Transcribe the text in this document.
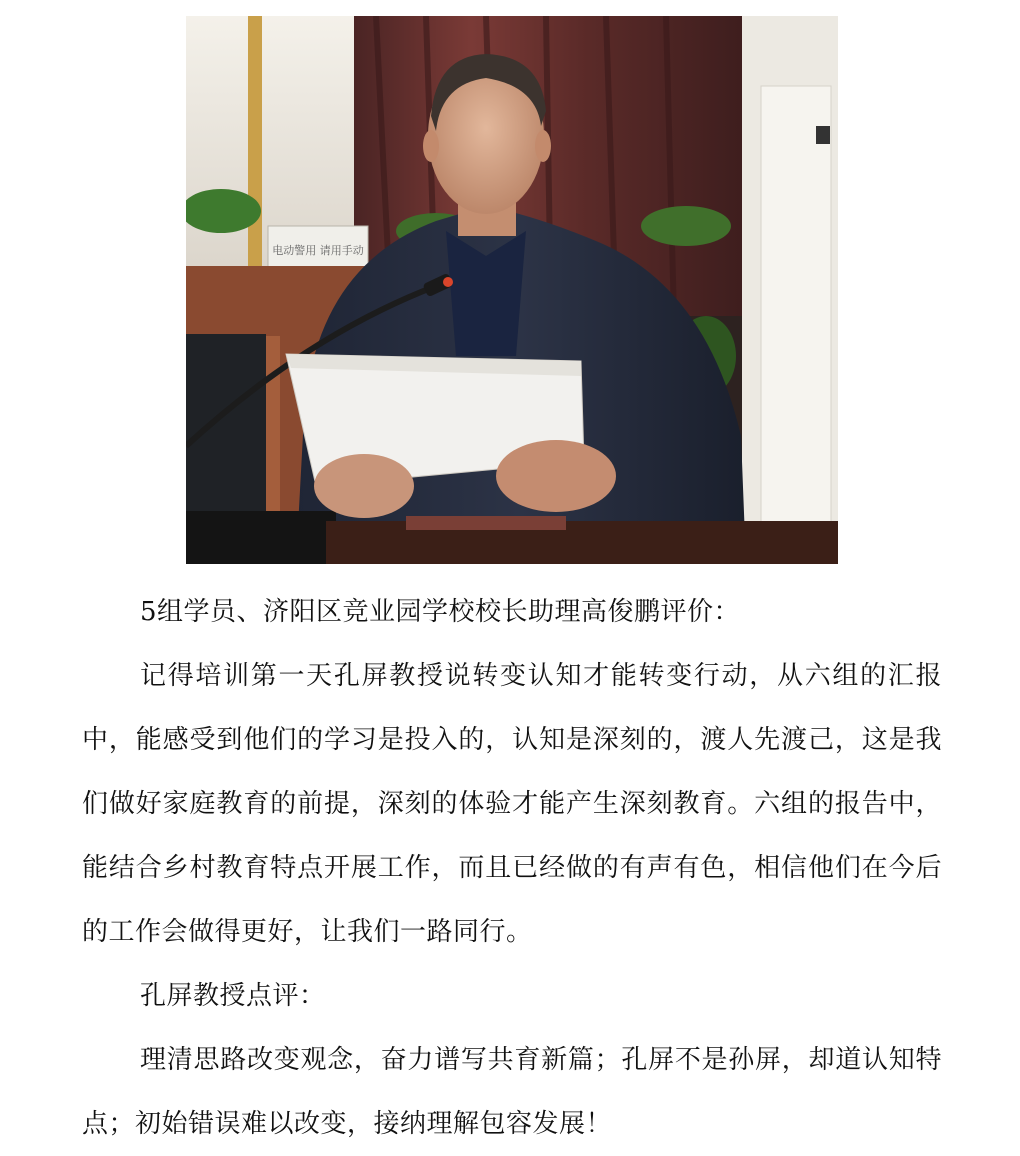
电动警用 请用手动

5组学员、济阳区竞业园学校校长助理高俊鹏评价：

记得培训第一天孔屏教授说转变认知才能转变行动，从六组的汇报中，能感受到他们的学习是投入的，认知是深刻的，渡人先渡己，这是我们做好家庭教育的前提，深刻的体验才能产生深刻教育。六组的报告中，能结合乡村教育特点开展工作，而且已经做的有声有色，相信他们在今后的工作会做得更好，让我们一路同行。

孔屏教授点评：

理清思路改变观念，奋力谱写共育新篇；孔屏不是孙屏，却道认知特点；初始错误难以改变，接纳理解包容发展！
